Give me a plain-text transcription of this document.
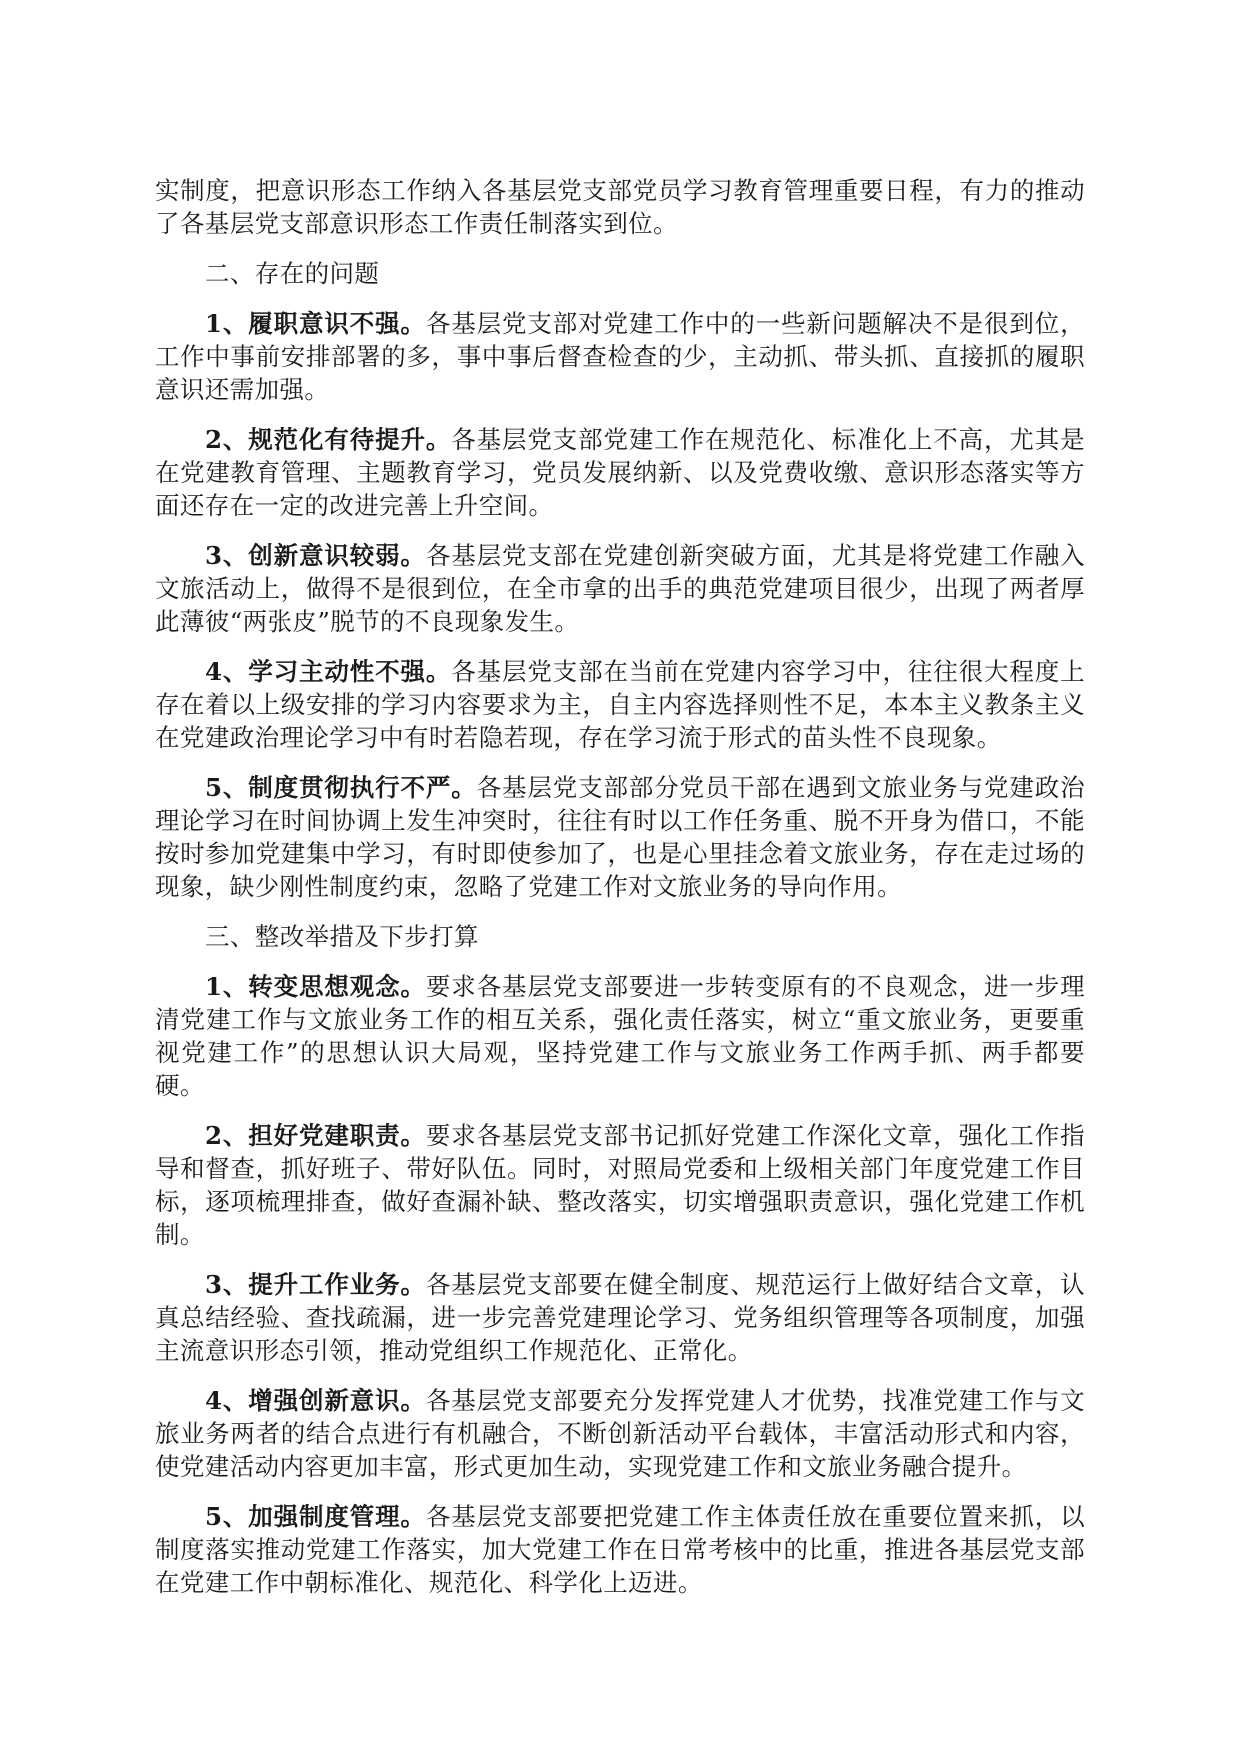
实制度，把意识形态工作纳入各基层党支部党员学习教育管理重要日程，有力的推动了各基层党支部意识形态工作责任制落实到位。

二、存在的问题

1、履职意识不强。各基层党支部对党建工作中的一些新问题解决不是很到位，工作中事前安排部署的多，事中事后督查检查的少，主动抓、带头抓、直接抓的履职意识还需加强。

2、规范化有待提升。各基层党支部党建工作在规范化、标准化上不高，尤其是在党建教育管理、主题教育学习，党员发展纳新、以及党费收缴、意识形态落实等方面还存在一定的改进完善上升空间。

3、创新意识较弱。各基层党支部在党建创新突破方面，尤其是将党建工作融入文旅活动上，做得不是很到位，在全市拿的出手的典范党建项目很少，出现了两者厚此薄彼“两张皮”脱节的不良现象发生。

4、学习主动性不强。各基层党支部在当前在党建内容学习中，往往很大程度上存在着以上级安排的学习内容要求为主，自主内容选择则性不足，本本主义教条主义在党建政治理论学习中有时若隐若现，存在学习流于形式的苗头性不良现象。

5、制度贯彻执行不严。各基层党支部部分党员干部在遇到文旅业务与党建政治理论学习在时间协调上发生冲突时，往往有时以工作任务重、脱不开身为借口，不能按时参加党建集中学习，有时即使参加了，也是心里挂念着文旅业务，存在走过场的现象，缺少刚性制度约束，忽略了党建工作对文旅业务的导向作用。

三、整改举措及下步打算

1、转变思想观念。要求各基层党支部要进一步转变原有的不良观念，进一步理清党建工作与文旅业务工作的相互关系，强化责任落实，树立“重文旅业务，更要重视党建工作”的思想认识大局观，坚持党建工作与文旅业务工作两手抓、两手都要硬。

2、担好党建职责。要求各基层党支部书记抓好党建工作深化文章，强化工作指导和督查，抓好班子、带好队伍。同时，对照局党委和上级相关部门年度党建工作目标，逐项梳理排查，做好查漏补缺、整改落实，切实增强职责意识，强化党建工作机制。

3、提升工作业务。各基层党支部要在健全制度、规范运行上做好结合文章，认真总结经验、查找疏漏，进一步完善党建理论学习、党务组织管理等各项制度，加强主流意识形态引领，推动党组织工作规范化、正常化。

4、增强创新意识。各基层党支部要充分发挥党建人才优势，找准党建工作与文旅业务两者的结合点进行有机融合，不断创新活动平台载体，丰富活动形式和内容，使党建活动内容更加丰富，形式更加生动，实现党建工作和文旅业务融合提升。

5、加强制度管理。各基层党支部要把党建工作主体责任放在重要位置来抓，以制度落实推动党建工作落实，加大党建工作在日常考核中的比重，推进各基层党支部在党建工作中朝标准化、规范化、科学化上迈进。
